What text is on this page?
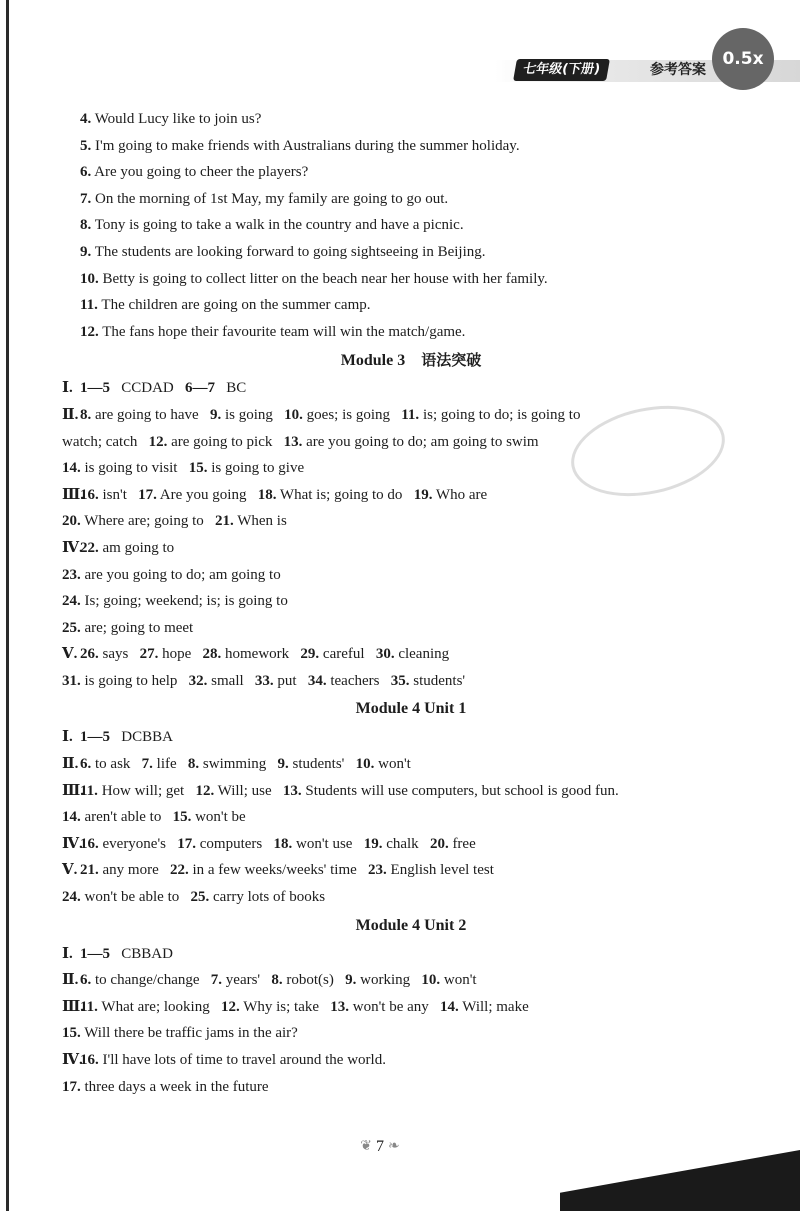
七年级(下册)	参考答案
0.5x
4. Would Lucy like to join us?
5. I'm going to make friends with Australians during the summer holiday.
6. Are you going to cheer the players?
7. On the morning of 1st May, my family are going to go out.
8. Tony is going to take a walk in the country and have a picnic.
9. The students are looking forward to going sightseeing in Beijing.
10. Betty is going to collect litter on the beach near her house with her family.
11. The children are going on the summer camp.
12. The fans hope their favourite team will win the match/game.
Module 3 语法突破
Ⅰ. 1—5   CCDAD   6—7   BC
Ⅱ. 8. are going to have   9. is going   10. goes; is going   11. is; going to do; is going to
watch; catch   12. are going to pick   13. are you going to do; am going to swim
14. is going to visit   15. is going to give
Ⅲ.
16. isn't   17. Are you going   18. What is; going to do   19. Who are
20. Where are; going to   21. When is
Ⅳ.
22. am going to
23. are you going to do; am going to
24. Is; going; weekend; is; is going to
25. are; going to meet
Ⅴ. 26. says   27. hope   28. homework   29. careful   30. cleaning
31. is going to help   32. small   33. put   34. teachers   35. students'
Module 4 Unit 1
Ⅰ. 1—5   DCBBA
Ⅱ. 6. to ask   7. life   8. swimming   9. students'   10. won't
Ⅲ.
11. How will; get   12. Will; use   13. Students will use computers, but school is good fun.
14. aren't able to   15. won't be
Ⅳ.
16. everyone's   17. computers   18. won't use   19. chalk   20. free
Ⅴ. 21. any more   22. in a few weeks/weeks' time   23. English level test
24. won't be able to   25. carry lots of books
Module 4 Unit 2
Ⅰ. 1—5   CBBAD
Ⅱ. 6. to change/change   7. years'   8. robot(s)   9. working   10. won't
Ⅲ.
11. What are; looking   12. Why is; take   13. won't be any   14. Will; make
15. Will there be traffic jams in the air?
Ⅳ.
16. I'll have lots of time to travel around the world.
17. three days a week in the future
❦ 7 ❧
